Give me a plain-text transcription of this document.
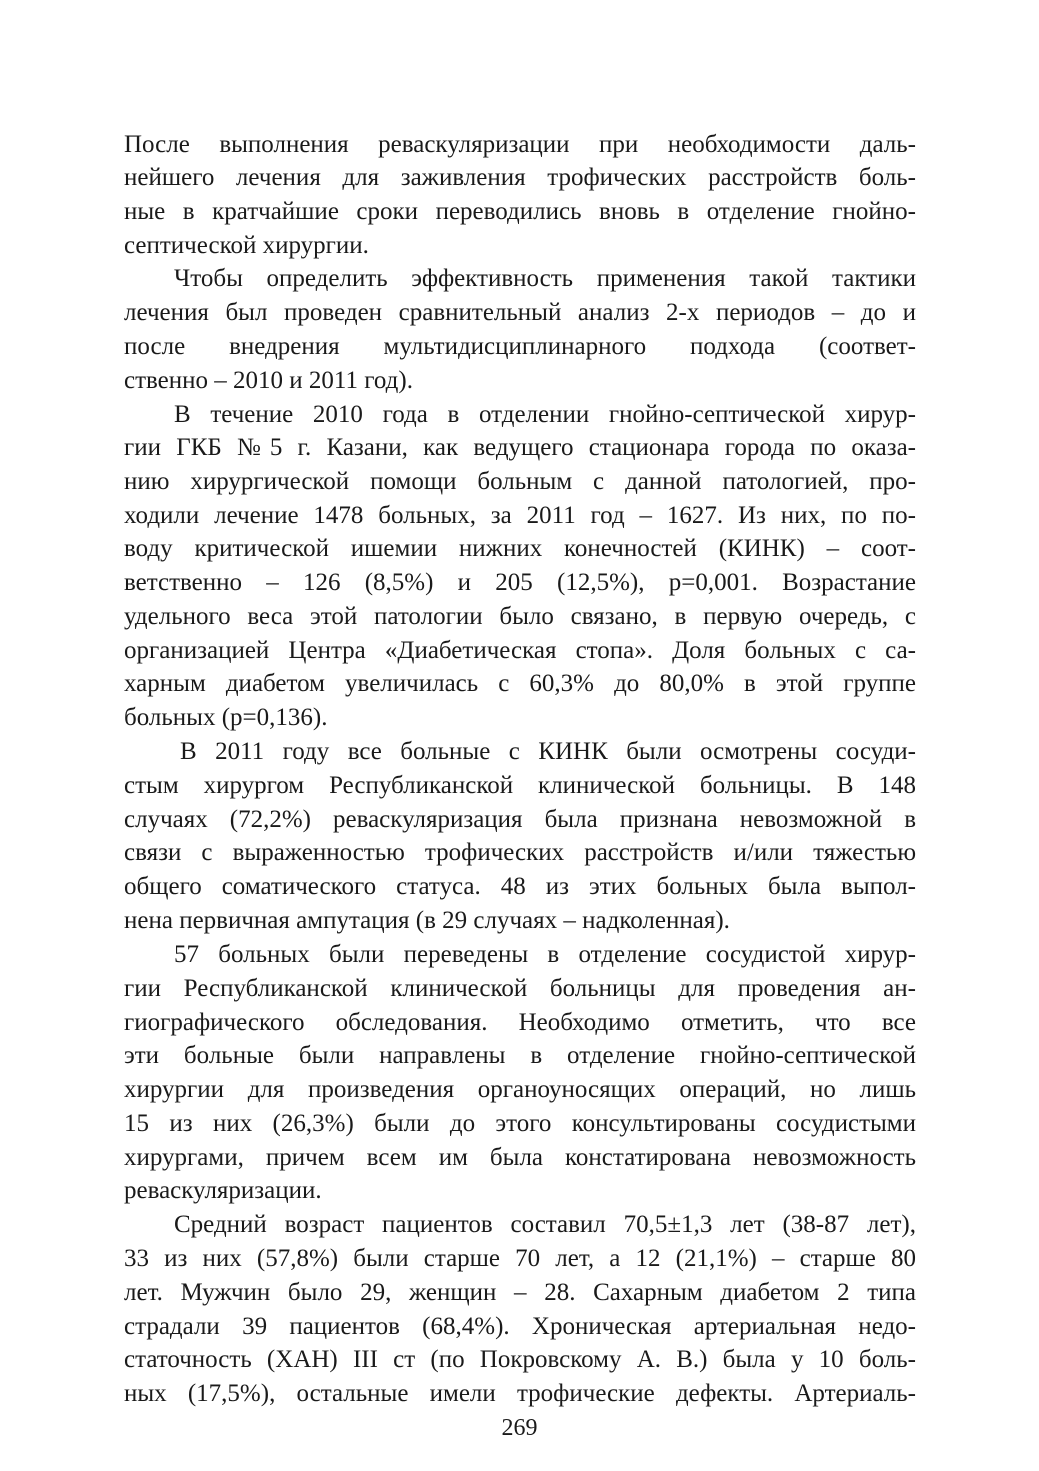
После выполнения реваскуляризации при необходимости даль-
нейшего лечения для заживления трофических расстройств боль-
ные в кратчайшие сроки переводились вновь в отделение гнойно-
септической хирургии.
Чтобы определить эффективность применения такой тактики
лечения был проведен сравнительный анализ 2-х периодов – до и
после внедрения мультидисциплинарного подхода (соответ-
ственно – 2010 и 2011 год).
В течение 2010 года в отделении гнойно-септической хирур-
гии ГКБ №5 г. Казани, как ведущего стационара города по оказа-
нию хирургической помощи больным с данной патологией, про-
ходили лечение 1478 больных, за 2011 год – 1627. Из них, по по-
воду критической ишемии нижних конечностей (КИНК) – соот-
ветственно – 126 (8,5%) и 205 (12,5%), p=0,001. Возрастание
удельного веса этой патологии было связано, в первую очередь, с
организацией Центра «Диабетическая стопа». Доля больных с са-
харным диабетом увеличилась с 60,3% до 80,0% в этой группе
больных (p=0,136).
В 2011 году все больные с КИНК были осмотрены сосуди-
стым хирургом Республиканской клинической больницы. В 148
случаях (72,2%) реваскуляризация была признана невозможной в
связи с выраженностью трофических расстройств и/или тяжестью
общего соматического статуса. 48 из этих больных была выпол-
нена первичная ампутация (в 29 случаях – надколенная).
57 больных были переведены в отделение сосудистой хирур-
гии Республиканской клинической больницы для проведения ан-
гиографического обследования. Необходимо отметить, что все
эти больные были направлены в отделение гнойно-септической
хирургии для произведения органоуносящих операций, но лишь
15 из них (26,3%) были до этого консультированы сосудистыми
хирургами, причем всем им была констатирована невозможность
реваскуляризации.
Средний возраст пациентов составил 70,5±1,3 лет (38-87 лет),
33 из них (57,8%) были старше 70 лет, а 12 (21,1%) – старше 80
лет. Мужчин было 29, женщин – 28. Сахарным диабетом 2 типа
страдали 39 пациентов (68,4%). Хроническая артериальная недо-
статочность (ХАН) III ст (по Покровскому А. В.) была у 10 боль-
ных (17,5%), остальные имели трофические дефекты. Артериаль-
269
